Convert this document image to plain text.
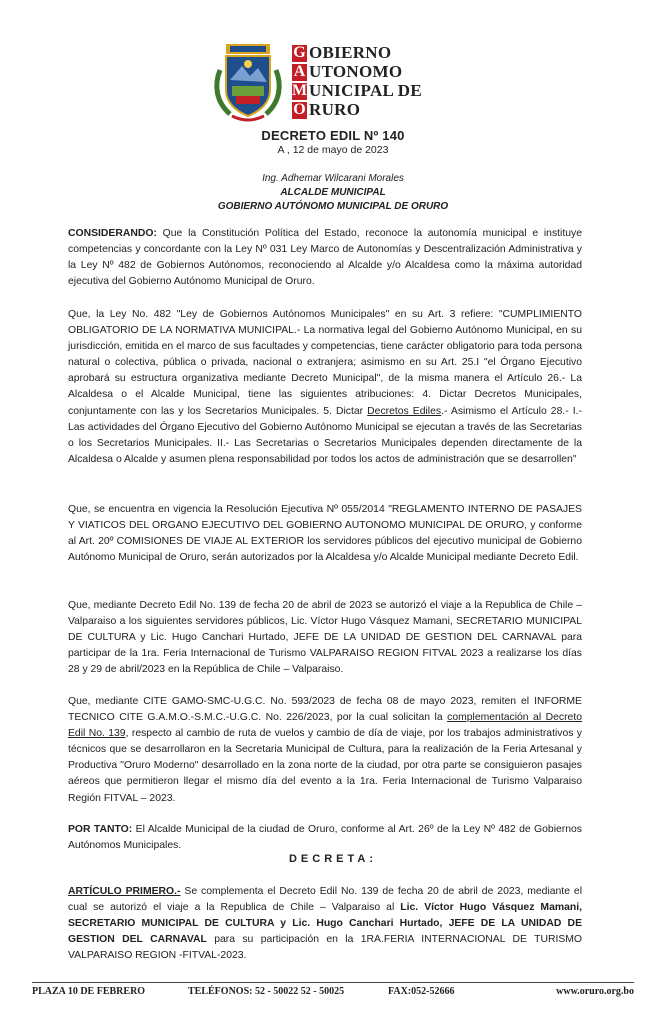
G OBIERNO
A UTONOMO
M UNICIPAL DE
O RURO
DECRETO EDIL Nº 140
A , 12 de mayo de 2023
Ing. Adhemar Wilcarani Morales
ALCALDE MUNICIPAL
GOBIERNO AUTÓNOMO MUNICIPAL DE ORURO
CONSIDERANDO: Que la Constitución Política del Estado, reconoce la autonomía municipal e instituye competencias y concordante con la Ley Nº 031 Ley Marco de Autonomías y Descentralización Administrativa y la Ley Nº 482 de Gobiernos Autónomos, reconociendo al Alcalde y/o Alcaldesa como la máxima autoridad ejecutiva del Gobierno Autónomo Municipal de Oruro.
Que, la Ley No. 482 "Ley de Gobiernos Autónomos Municipales" en su Art. 3 refiere: "CUMPLIMIENTO OBLIGATORIO DE LA NORMATIVA MUNICIPAL.- La normativa legal del Gobierno Autónomo Municipal, en su jurisdicción, emitida en el marco de sus facultades y competencias, tiene carácter obligatorio para toda persona natural o colectiva, pública o privada, nacional o extranjera; asimismo en su Art. 25.I "el Órgano Ejecutivo aprobará su estructura organizativa mediante Decreto Municipal", de la misma manera el Artículo 26.- La Alcaldesa o el Alcalde Municipal, tiene las siguientes atribuciones: 4. Dictar Decretos Municipales, conjuntamente con las y los Secretarios Municipales. 5. Dictar Decretos Ediles.- Asimismo el Artículo 28.- I.- Las actividades del Órgano Ejecutivo del Gobierno Autónomo Municipal se ejecutan a través de las Secretarias o los Secretarios Municipales. II.- Las Secretarias o Secretarios Municipales dependen directamente de la Alcaldesa o Alcalde y asumen plena responsabilidad por todos los actos de administración que se desarrollen"
Que, se encuentra en vigencia la Resolución Ejecutiva Nº 055/2014 "REGLAMENTO INTERNO DE PASAJES Y VIATICOS DEL ORGANO EJECUTIVO DEL GOBIERNO AUTONOMO MUNICIPAL DE ORURO, y conforme al Art. 20º COMISIONES DE VIAJE AL EXTERIOR los servidores públicos del ejecutivo municipal de Gobierno Autónomo Municipal de Oruro, serán autorizados por la Alcaldesa y/o Alcalde Municipal mediante Decreto Edil.
Que, mediante Decreto Edil No. 139 de fecha 20 de abril de 2023 se autorizó el viaje a la Republica de Chile – Valparaiso a los siguientes servidores públicos, Lic. Víctor Hugo Vásquez Mamani, SECRETARIO MUNICIPAL DE CULTURA y Lic. Hugo Canchari Hurtado, JEFE DE LA UNIDAD DE GESTION DEL CARNAVAL para participar de la 1ra. Feria Internacional de Turismo VALPARAISO REGION FITVAL 2023 a realizarse los días 28 y 29 de abril/2023 en la República de Chile – Valparaiso.
Que, mediante CITE GAMO-SMC-U.G.C. No. 593/2023 de fecha 08 de mayo 2023, remiten el INFORME TECNICO CITE G.A.M.O.-S.M.C.-U.G.C. No. 226/2023, por la cual solicitan la complementación al Decreto Edil No. 139, respecto al cambio de ruta de vuelos y cambio de día de viaje, por los trabajos administrativos y técnicos que se desarrollaron en la Secretaria Municipal de Cultura, para la realización de la Feria Artesanal y Productiva "Oruro Moderno" desarrollado en la zona norte de la ciudad, por otra parte se consiguieron pasajes aéreos que permitieron llegar el mismo día del evento a la 1ra. Feria Internacional de Turismo Valparaiso Región FITVAL – 2023.
POR TANTO: El Alcalde Municipal de la ciudad de Oruro, conforme al Art. 26º de la Ley Nº 482 de Gobiernos Autónomos Municipales.
DECRETA:
ARTÍCULO PRIMERO.- Se complementa el Decreto Edil No. 139 de fecha 20 de abril de 2023, mediante el cual se autorizó el viaje a la Republica de Chile – Valparaiso al Lic. Víctor Hugo Vásquez Mamani, SECRETARIO MUNICIPAL DE CULTURA y Lic. Hugo Canchari Hurtado, JEFE DE LA UNIDAD DE GESTION DEL CARNAVAL para su participación en la 1RA.FERIA INTERNACIONAL DE TURISMO VALPARAISO REGION -FITVAL-2023.
PLAZA 10 DE FEBRERO	TELÉFONOS: 52 - 50022 52 - 50025	FAX:052-52666	www.oruro.org.bo
